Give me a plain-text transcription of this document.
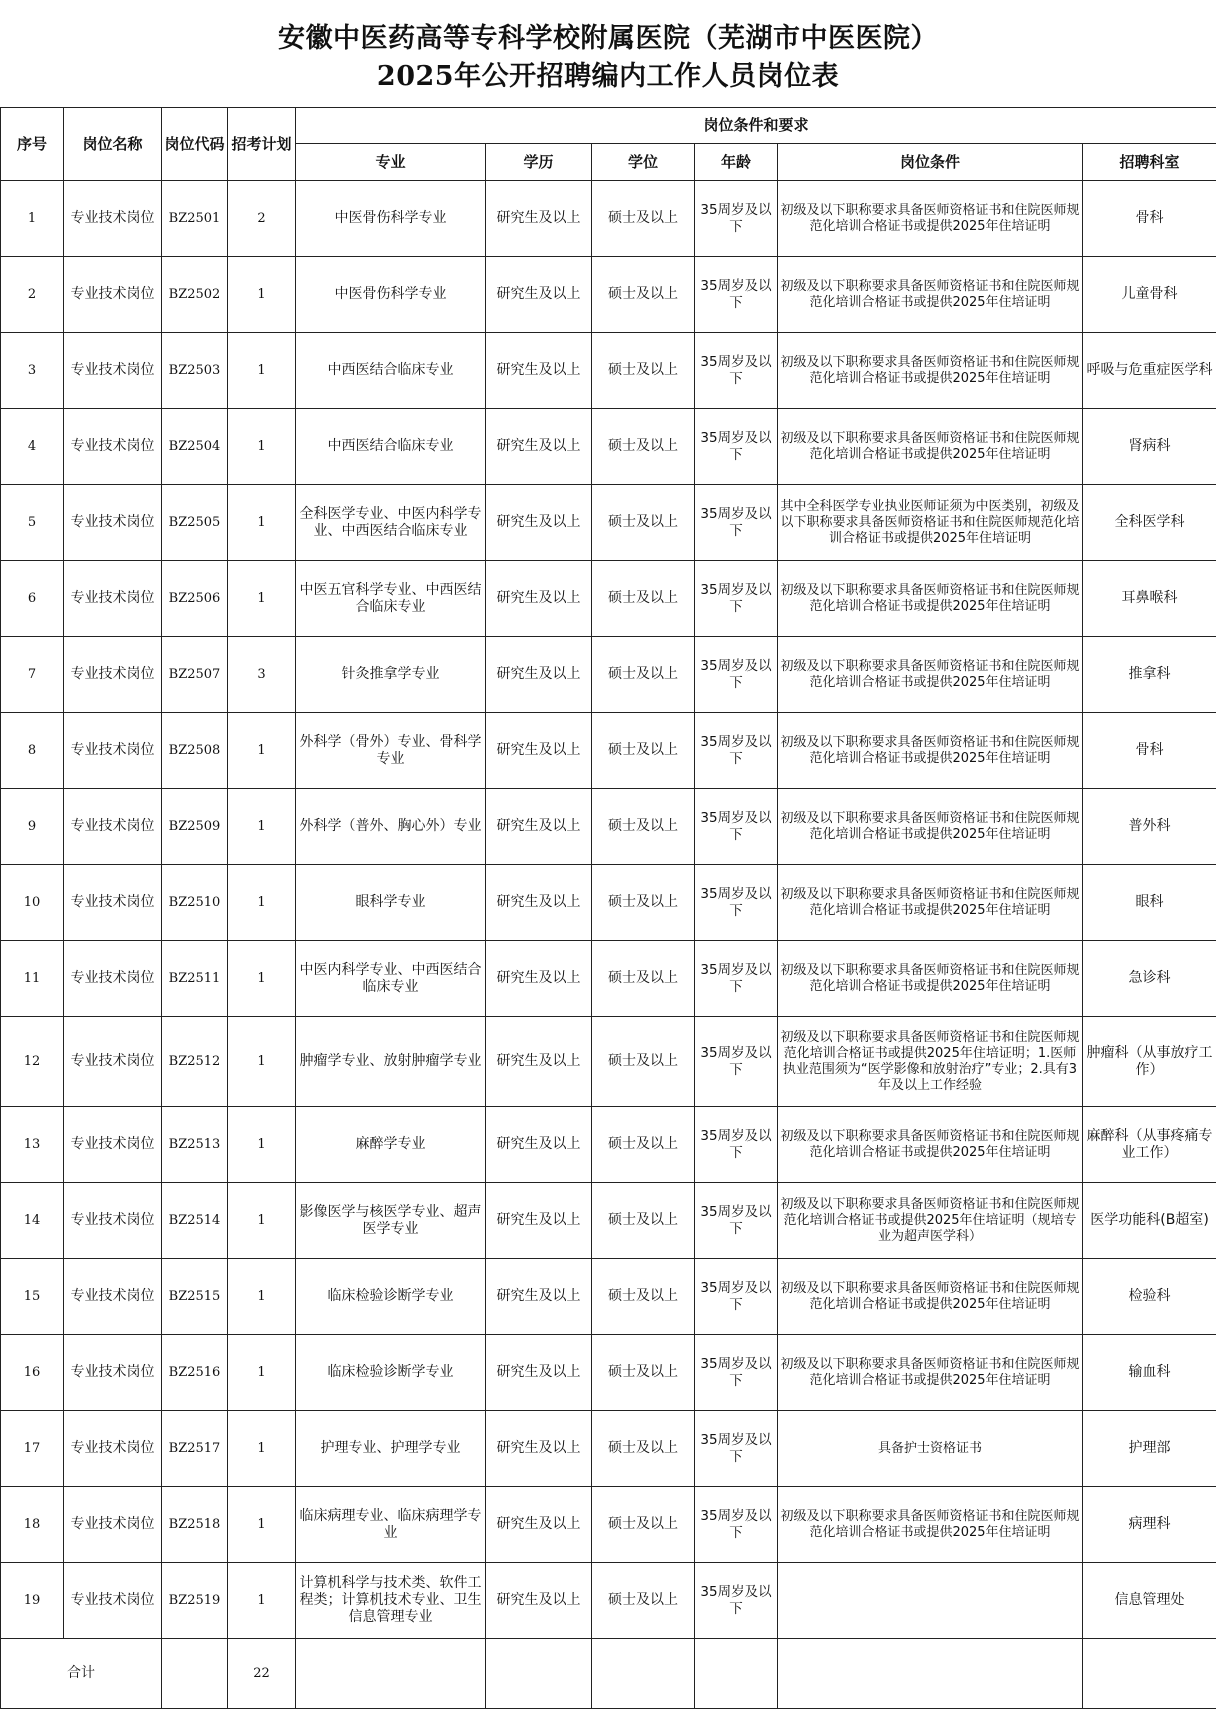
安徽中医药高等专科学校附属医院（芜湖市中医医院）
2025年公开招聘编内工作人员岗位表
序号	岗位名称	岗位代码	招考计划	岗位条件和要求					
				专业	学历	学位	年龄	岗位条件	招聘科室
1	专业技术岗位	BZ2501	2	中医骨伤科学专业	研究生及以上	硕士及以上	35周岁及以下	初级及以下职称要求具备医师资格证书和住院医师规范化培训合格证书或提供2025年住培证明	骨科
2	专业技术岗位	BZ2502	1	中医骨伤科学专业	研究生及以上	硕士及以上	35周岁及以下	初级及以下职称要求具备医师资格证书和住院医师规范化培训合格证书或提供2025年住培证明	儿童骨科
3	专业技术岗位	BZ2503	1	中西医结合临床专业	研究生及以上	硕士及以上	35周岁及以下	初级及以下职称要求具备医师资格证书和住院医师规范化培训合格证书或提供2025年住培证明	呼吸与危重症医学科
4	专业技术岗位	BZ2504	1	中西医结合临床专业	研究生及以上	硕士及以上	35周岁及以下	初级及以下职称要求具备医师资格证书和住院医师规范化培训合格证书或提供2025年住培证明	肾病科
5	专业技术岗位	BZ2505	1	全科医学专业、中医内科学专业、中西医结合临床专业	研究生及以上	硕士及以上	35周岁及以下	其中全科医学专业执业医师证须为中医类别，初级及以下职称要求具备医师资格证书和住院医师规范化培训合格证书或提供2025年住培证明	全科医学科
6	专业技术岗位	BZ2506	1	中医五官科学专业、中西医结合临床专业	研究生及以上	硕士及以上	35周岁及以下	初级及以下职称要求具备医师资格证书和住院医师规范化培训合格证书或提供2025年住培证明	耳鼻喉科
7	专业技术岗位	BZ2507	3	针灸推拿学专业	研究生及以上	硕士及以上	35周岁及以下	初级及以下职称要求具备医师资格证书和住院医师规范化培训合格证书或提供2025年住培证明	推拿科
8	专业技术岗位	BZ2508	1	外科学（骨外）专业、骨科学专业	研究生及以上	硕士及以上	35周岁及以下	初级及以下职称要求具备医师资格证书和住院医师规范化培训合格证书或提供2025年住培证明	骨科
9	专业技术岗位	BZ2509	1	外科学（普外、胸心外）专业	研究生及以上	硕士及以上	35周岁及以下	初级及以下职称要求具备医师资格证书和住院医师规范化培训合格证书或提供2025年住培证明	普外科
10	专业技术岗位	BZ2510	1	眼科学专业	研究生及以上	硕士及以上	35周岁及以下	初级及以下职称要求具备医师资格证书和住院医师规范化培训合格证书或提供2025年住培证明	眼科
11	专业技术岗位	BZ2511	1	中医内科学专业、中西医结合临床专业	研究生及以上	硕士及以上	35周岁及以下	初级及以下职称要求具备医师资格证书和住院医师规范化培训合格证书或提供2025年住培证明	急诊科
12	专业技术岗位	BZ2512	1	肿瘤学专业、放射肿瘤学专业	研究生及以上	硕士及以上	35周岁及以下	初级及以下职称要求具备医师资格证书和住院医师规范化培训合格证书或提供2025年住培证明；1.医师执业范围须为“医学影像和放射治疗”专业；2.具有3年及以上工作经验	肿瘤科（从事放疗工作）
13	专业技术岗位	BZ2513	1	麻醉学专业	研究生及以上	硕士及以上	35周岁及以下	初级及以下职称要求具备医师资格证书和住院医师规范化培训合格证书或提供2025年住培证明	麻醉科（从事疼痛专业工作）
14	专业技术岗位	BZ2514	1	影像医学与核医学专业、超声医学专业	研究生及以上	硕士及以上	35周岁及以下	初级及以下职称要求具备医师资格证书和住院医师规范化培训合格证书或提供2025年住培证明（规培专业为超声医学科）	医学功能科(B超室)
15	专业技术岗位	BZ2515	1	临床检验诊断学专业	研究生及以上	硕士及以上	35周岁及以下	初级及以下职称要求具备医师资格证书和住院医师规范化培训合格证书或提供2025年住培证明	检验科
16	专业技术岗位	BZ2516	1	临床检验诊断学专业	研究生及以上	硕士及以上	35周岁及以下	初级及以下职称要求具备医师资格证书和住院医师规范化培训合格证书或提供2025年住培证明	输血科
17	专业技术岗位	BZ2517	1	护理专业、护理学专业	研究生及以上	硕士及以上	35周岁及以下	具备护士资格证书	护理部
18	专业技术岗位	BZ2518	1	临床病理专业、临床病理学专业	研究生及以上	硕士及以上	35周岁及以下	初级及以下职称要求具备医师资格证书和住院医师规范化培训合格证书或提供2025年住培证明	病理科
19	专业技术岗位	BZ2519	1	计算机科学与技术类、软件工程类；计算机技术专业、卫生信息管理专业	研究生及以上	硕士及以上	35周岁及以下		信息管理处
合计			22						
